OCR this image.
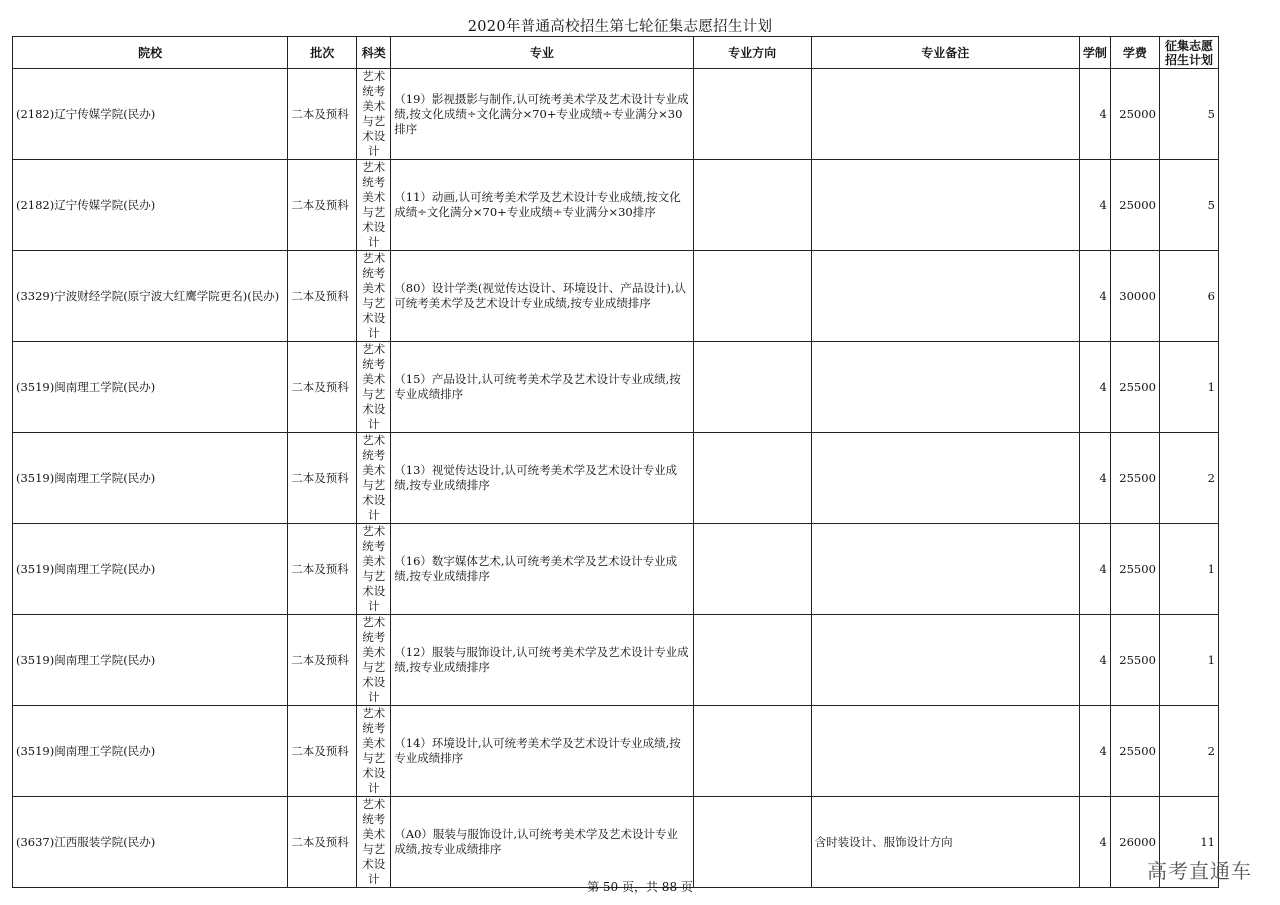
2020年普通高校招生第七轮征集志愿招生计划
院校	批次	科类	专业	专业方向	专业备注	学制	学费	征集志愿招生计划
(2182)辽宁传媒学院(民办)	二本及预科	艺术统考美术与艺术设计	（19）影视摄影与制作,认可统考美术学及艺术设计专业成绩,按文化成绩÷文化满分×70+专业成绩÷专业满分×30排序			4	25000	5
(2182)辽宁传媒学院(民办)	二本及预科	艺术统考美术与艺术设计	（11）动画,认可统考美术学及艺术设计专业成绩,按文化成绩÷文化满分×70+专业成绩÷专业满分×30排序			4	25000	5
(3329)宁波财经学院(原宁波大红鹰学院更名)(民办)	二本及预科	艺术统考美术与艺术设计	（80）设计学类(视觉传达设计、环境设计、产品设计),认可统考美术学及艺术设计专业成绩,按专业成绩排序			4	30000	6
(3519)闽南理工学院(民办)	二本及预科	艺术统考美术与艺术设计	（15）产品设计,认可统考美术学及艺术设计专业成绩,按专业成绩排序			4	25500	1
(3519)闽南理工学院(民办)	二本及预科	艺术统考美术与艺术设计	（13）视觉传达设计,认可统考美术学及艺术设计专业成绩,按专业成绩排序			4	25500	2
(3519)闽南理工学院(民办)	二本及预科	艺术统考美术与艺术设计	（16）数字媒体艺术,认可统考美术学及艺术设计专业成绩,按专业成绩排序			4	25500	1
(3519)闽南理工学院(民办)	二本及预科	艺术统考美术与艺术设计	（12）服装与服饰设计,认可统考美术学及艺术设计专业成绩,按专业成绩排序			4	25500	1
(3519)闽南理工学院(民办)	二本及预科	艺术统考美术与艺术设计	（14）环境设计,认可统考美术学及艺术设计专业成绩,按专业成绩排序			4	25500	2
(3637)江西服装学院(民办)	二本及预科	艺术统考美术与艺术设计	（A0）服装与服饰设计,认可统考美术学及艺术设计专业成绩,按专业成绩排序		含时装设计、服饰设计方向	4	26000	11
第 50 页，共 88 页
高考直通车
